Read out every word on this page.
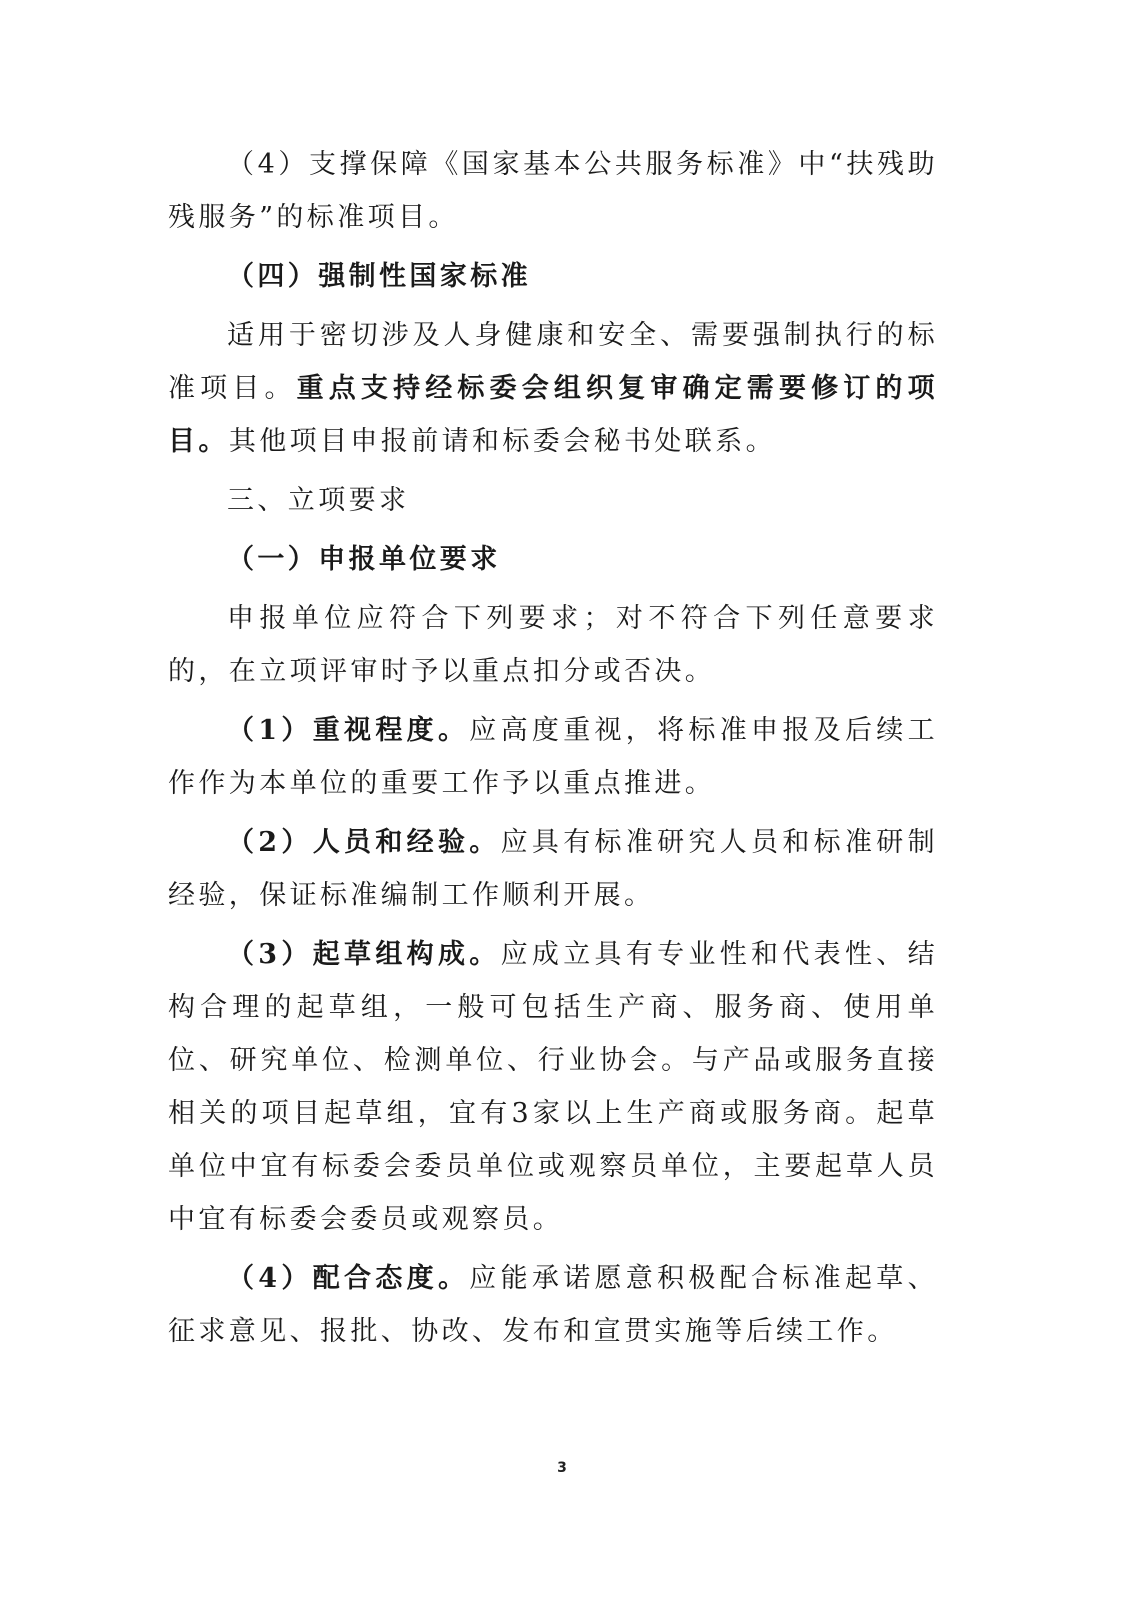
（4）支撑保障《国家基本公共服务标准》中“扶残助残服务”的标准项目。

（四）强制性国家标准

适用于密切涉及人身健康和安全、需要强制执行的标准项目。重点支持经标委会组织复审确定需要修订的项目。其他项目申报前请和标委会秘书处联系。

三、立项要求

（一）申报单位要求

申报单位应符合下列要求；对不符合下列任意要求的，在立项评审时予以重点扣分或否决。

（1）重视程度。应高度重视，将标准申报及后续工作作为本单位的重要工作予以重点推进。

（2）人员和经验。应具有标准研究人员和标准研制经验，保证标准编制工作顺利开展。

（3）起草组构成。应成立具有专业性和代表性、结构合理的起草组，一般可包括生产商、服务商、使用单位、研究单位、检测单位、行业协会。与产品或服务直接相关的项目起草组，宜有3家以上生产商或服务商。起草单位中宜有标委会委员单位或观察员单位，主要起草人员中宜有标委会委员或观察员。

（4）配合态度。应能承诺愿意积极配合标准起草、征求意见、报批、协改、发布和宣贯实施等后续工作。

3
